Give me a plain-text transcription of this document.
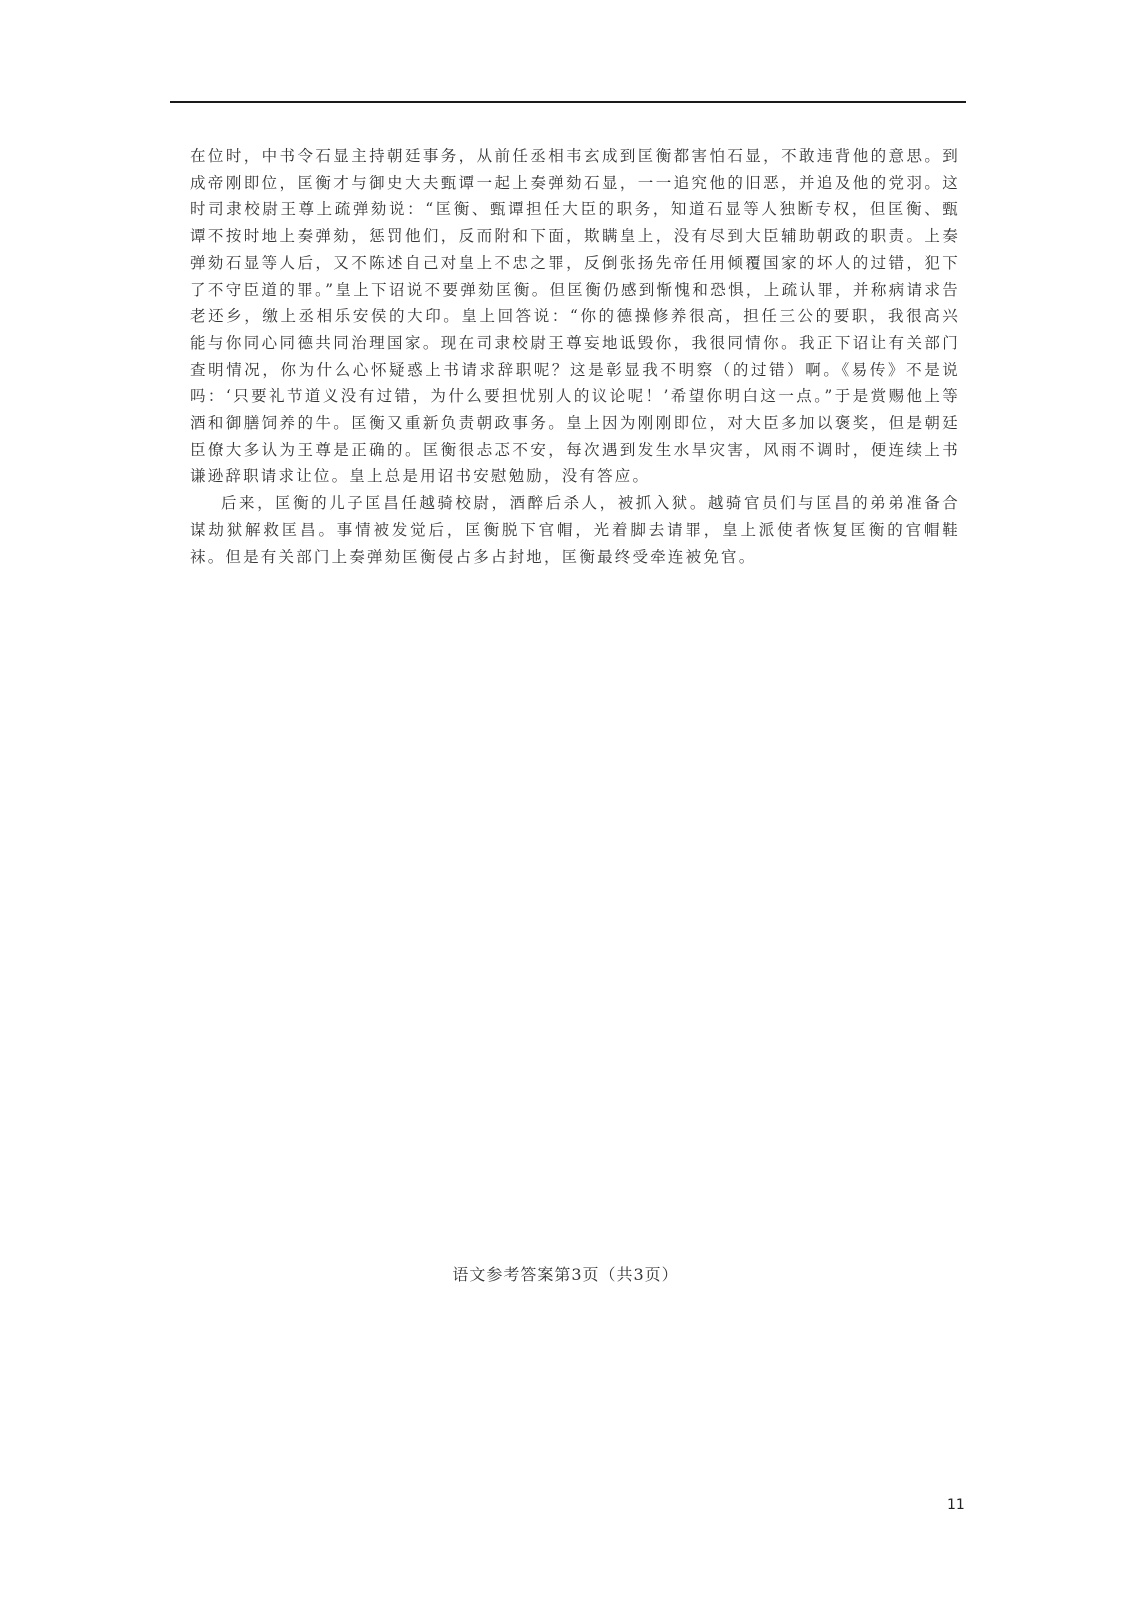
在位时，中书令石显主持朝廷事务，从前任丞相韦玄成到匡衡都害怕石显，不敢违背他的意思。到成帝刚即位，匡衡才与御史大夫甄谭一起上奏弹劾石显，一一追究他的旧恶，并追及他的党羽。这时司隶校尉王尊上疏弹劾说：“匡衡、甄谭担任大臣的职务，知道石显等人独断专权，但匡衡、甄谭不按时地上奏弹劾，惩罚他们，反而附和下面，欺瞒皇上，没有尽到大臣辅助朝政的职责。上奏弹劾石显等人后，又不陈述自己对皇上不忠之罪，反倒张扬先帝任用倾覆国家的坏人的过错，犯下了不守臣道的罪。”皇上下诏说不要弹劾匡衡。但匡衡仍感到惭愧和恐惧，上疏认罪，并称病请求告老还乡，缴上丞相乐安侯的大印。皇上回答说：“你的德操修养很高，担任三公的要职，我很高兴能与你同心同德共同治理国家。现在司隶校尉王尊妄地诋毁你，我很同情你。我正下诏让有关部门查明情况，你为什么心怀疑惑上书请求辞职呢？这是彰显我不明察（的过错）啊。《易传》不是说吗：‘只要礼节道义没有过错，为什么要担忧别人的议论呢！’希望你明白这一点。”于是赏赐他上等酒和御膳饲养的牛。匡衡又重新负责朝政事务。皇上因为刚刚即位，对大臣多加以褒奖，但是朝廷臣僚大多认为王尊是正确的。匡衡很忐忑不安，每次遇到发生水旱灾害，风雨不调时，便连续上书谦逊辞职请求让位。皇上总是用诏书安慰勉励，没有答应。

后来，匡衡的儿子匡昌任越骑校尉，酒醉后杀人，被抓入狱。越骑官员们与匡昌的弟弟准备合谋劫狱解救匡昌。事情被发觉后，匡衡脱下官帽，光着脚去请罪，皇上派使者恢复匡衡的官帽鞋袜。但是有关部门上奏弹劾匡衡侵占多占封地，匡衡最终受牵连被免官。

语文参考答案第3页（共3页）
11
